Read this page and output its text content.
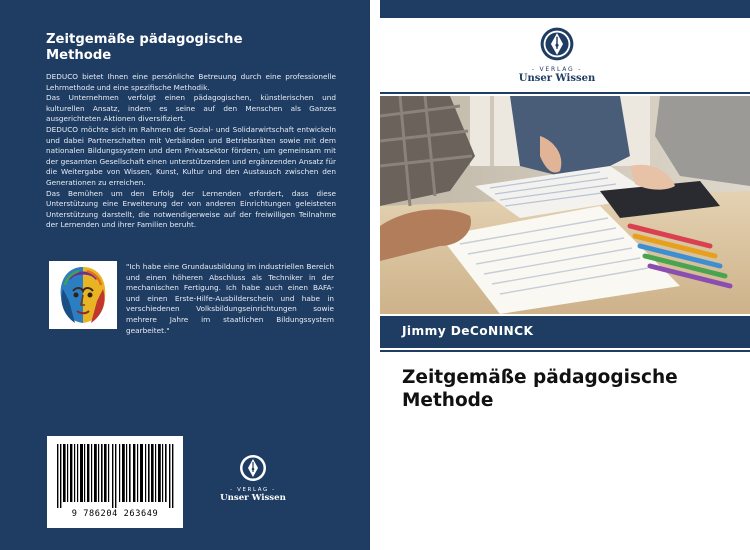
Zeitgemäße pädagogische
Methode

DEDUCO bietet Ihnen eine persönliche Betreuung durch eine professionelle Lehrmethode und eine spezifische Methodik.

Das Unternehmen verfolgt einen pädagogischen, künstlerischen und kulturellen Ansatz, indem es seine auf den Menschen als Ganzes ausgerichteten Aktionen diversifiziert.

DEDUCO möchte sich im Rahmen der Sozial- und Solidarwirtschaft entwickeln und dabei Partnerschaften mit Verbänden und Betriebsräten sowie mit dem nationalen Bildungssystem und dem Privatsektor fördern, um gemeinsam mit der gesamten Gesellschaft einen unterstützenden und ergänzenden Ansatz für die Weitergabe von Wissen, Kunst, Kultur und den Austausch zwischen den Generationen zu erreichen.

Das Bemühen um den Erfolg der Lernenden erfordert, dass diese Unterstützung eine Erweiterung der von anderen Einrichtungen geleisteten Unterstützung darstellt, die notwendigerweise auf der freiwilligen Teilnahme der Lernenden und ihrer Familien beruht.

"Ich habe eine Grundausbildung im industriellen Bereich und einen höheren Abschluss als Techniker in der mechanischen Fertigung. Ich habe auch einen BAFA- und einen Erste-Hilfe-Ausbilderschein und habe in verschiedenen Volksbildungseinrichtungen sowie mehrere Jahre im staatlichen Bildungssystem gearbeitet."
9 786204 263649
- VERLAG -
Unser Wissen
- VERLAG -
Unser Wissen
Jimmy DeCoNINCK
Zeitgemäße pädagogische
Methode
